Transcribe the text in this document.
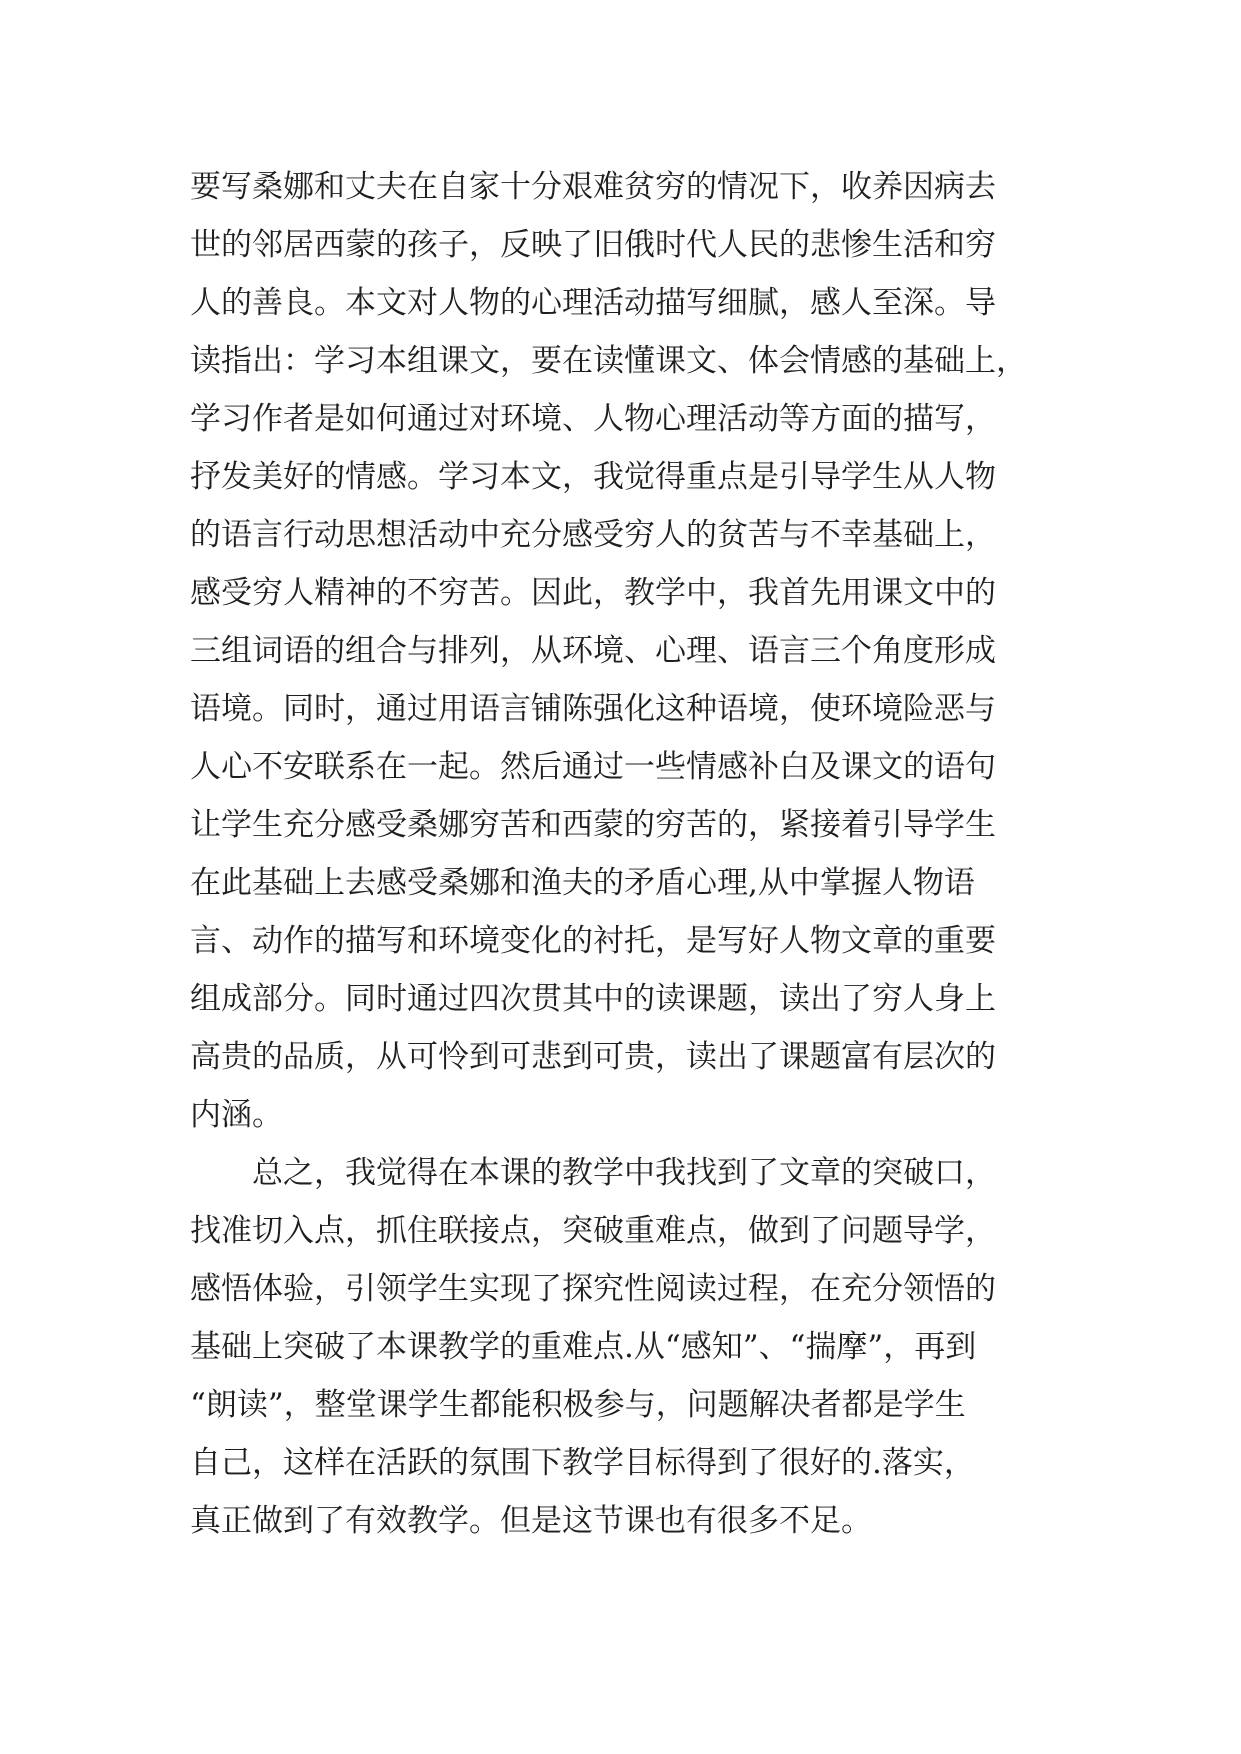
要写桑娜和丈夫在自家十分艰难贫穷的情况下，收养因病去
世的邻居西蒙的孩子，反映了旧俄时代人民的悲惨生活和穷
人的善良。本文对人物的心理活动描写细腻，感人至深。导
读指出：学习本组课文，要在读懂课文、体会情感的基础上，
学习作者是如何通过对环境、人物心理活动等方面的描写，
抒发美好的情感。学习本文，我觉得重点是引导学生从人物
的语言行动思想活动中充分感受穷人的贫苦与不幸基础上，
感受穷人精神的不穷苦。因此，教学中，我首先用课文中的
三组词语的组合与排列，从环境、心理、语言三个角度形成
语境。同时，通过用语言铺陈强化这种语境，使环境险恶与
人心不安联系在一起。然后通过一些情感补白及课文的语句
让学生充分感受桑娜穷苦和西蒙的穷苦的，紧接着引导学生
在此基础上去感受桑娜和渔夫的矛盾心理,从中掌握人物语
言、动作的描写和环境变化的衬托，是写好人物文章的重要
组成部分。同时通过四次贯其中的读课题，读出了穷人身上
高贵的品质，从可怜到可悲到可贵，读出了课题富有层次的
内涵。
　　总之，我觉得在本课的教学中我找到了文章的突破口，
找准切入点，抓住联接点，突破重难点，做到了问题导学，
感悟体验，引领学生实现了探究性阅读过程，在充分领悟的
基础上突破了本课教学的重难点.从“感知”、“揣摩”，再到
“朗读”，整堂课学生都能积极参与，问题解决者都是学生
自己，这样在活跃的氛围下教学目标得到了很好的.落实，
真正做到了有效教学。但是这节课也有很多不足。
